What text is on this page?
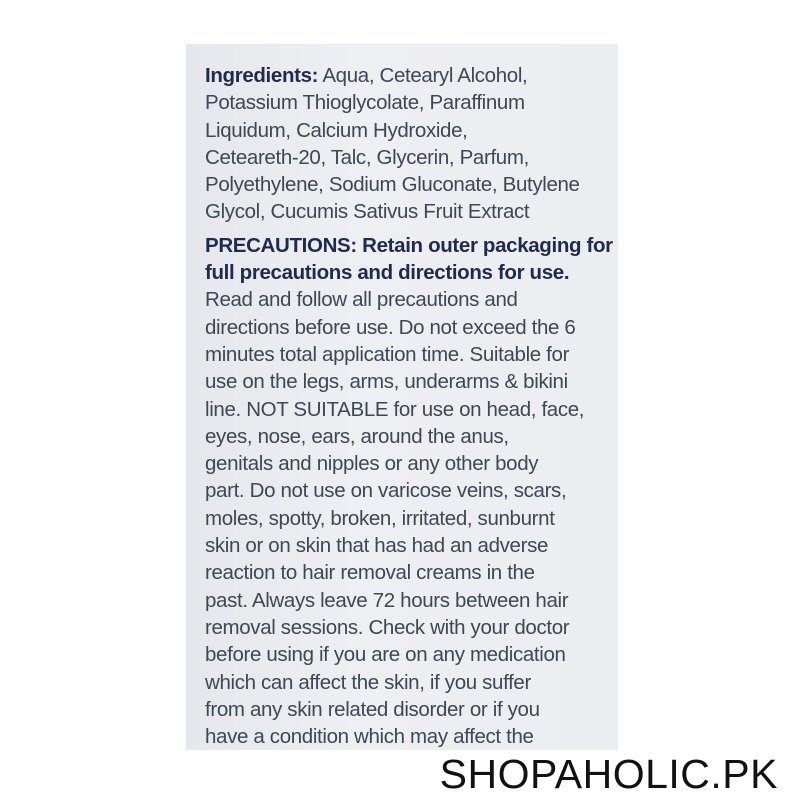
Ingredients: Aqua, Cetearyl Alcohol,
Potassium Thioglycolate, Paraffinum
Liquidum, Calcium Hydroxide,
Ceteareth-20, Talc, Glycerin, Parfum,
Polyethylene, Sodium Gluconate, Butylene
Glycol, Cucumis Sativus Fruit Extract
PRECAUTIONS: Retain outer packaging for
full precautions and directions for use.
Read and follow all precautions and
directions before use. Do not exceed the 6
minutes total application time. Suitable for
use on the legs, arms, underarms & bikini
line. NOT SUITABLE for use on head, face,
eyes, nose, ears, around the anus,
genitals and nipples or any other body
part. Do not use on varicose veins, scars,
moles, spotty, broken, irritated, sunburnt
skin or on skin that has had an adverse
reaction to hair removal creams in the
past. Always leave 72 hours between hair
removal sessions. Check with your doctor
before using if you are on any medication
which can affect the skin, if you suffer
from any skin related disorder or if you
have a condition which may affect the
SHOPAHOLIC.PK
